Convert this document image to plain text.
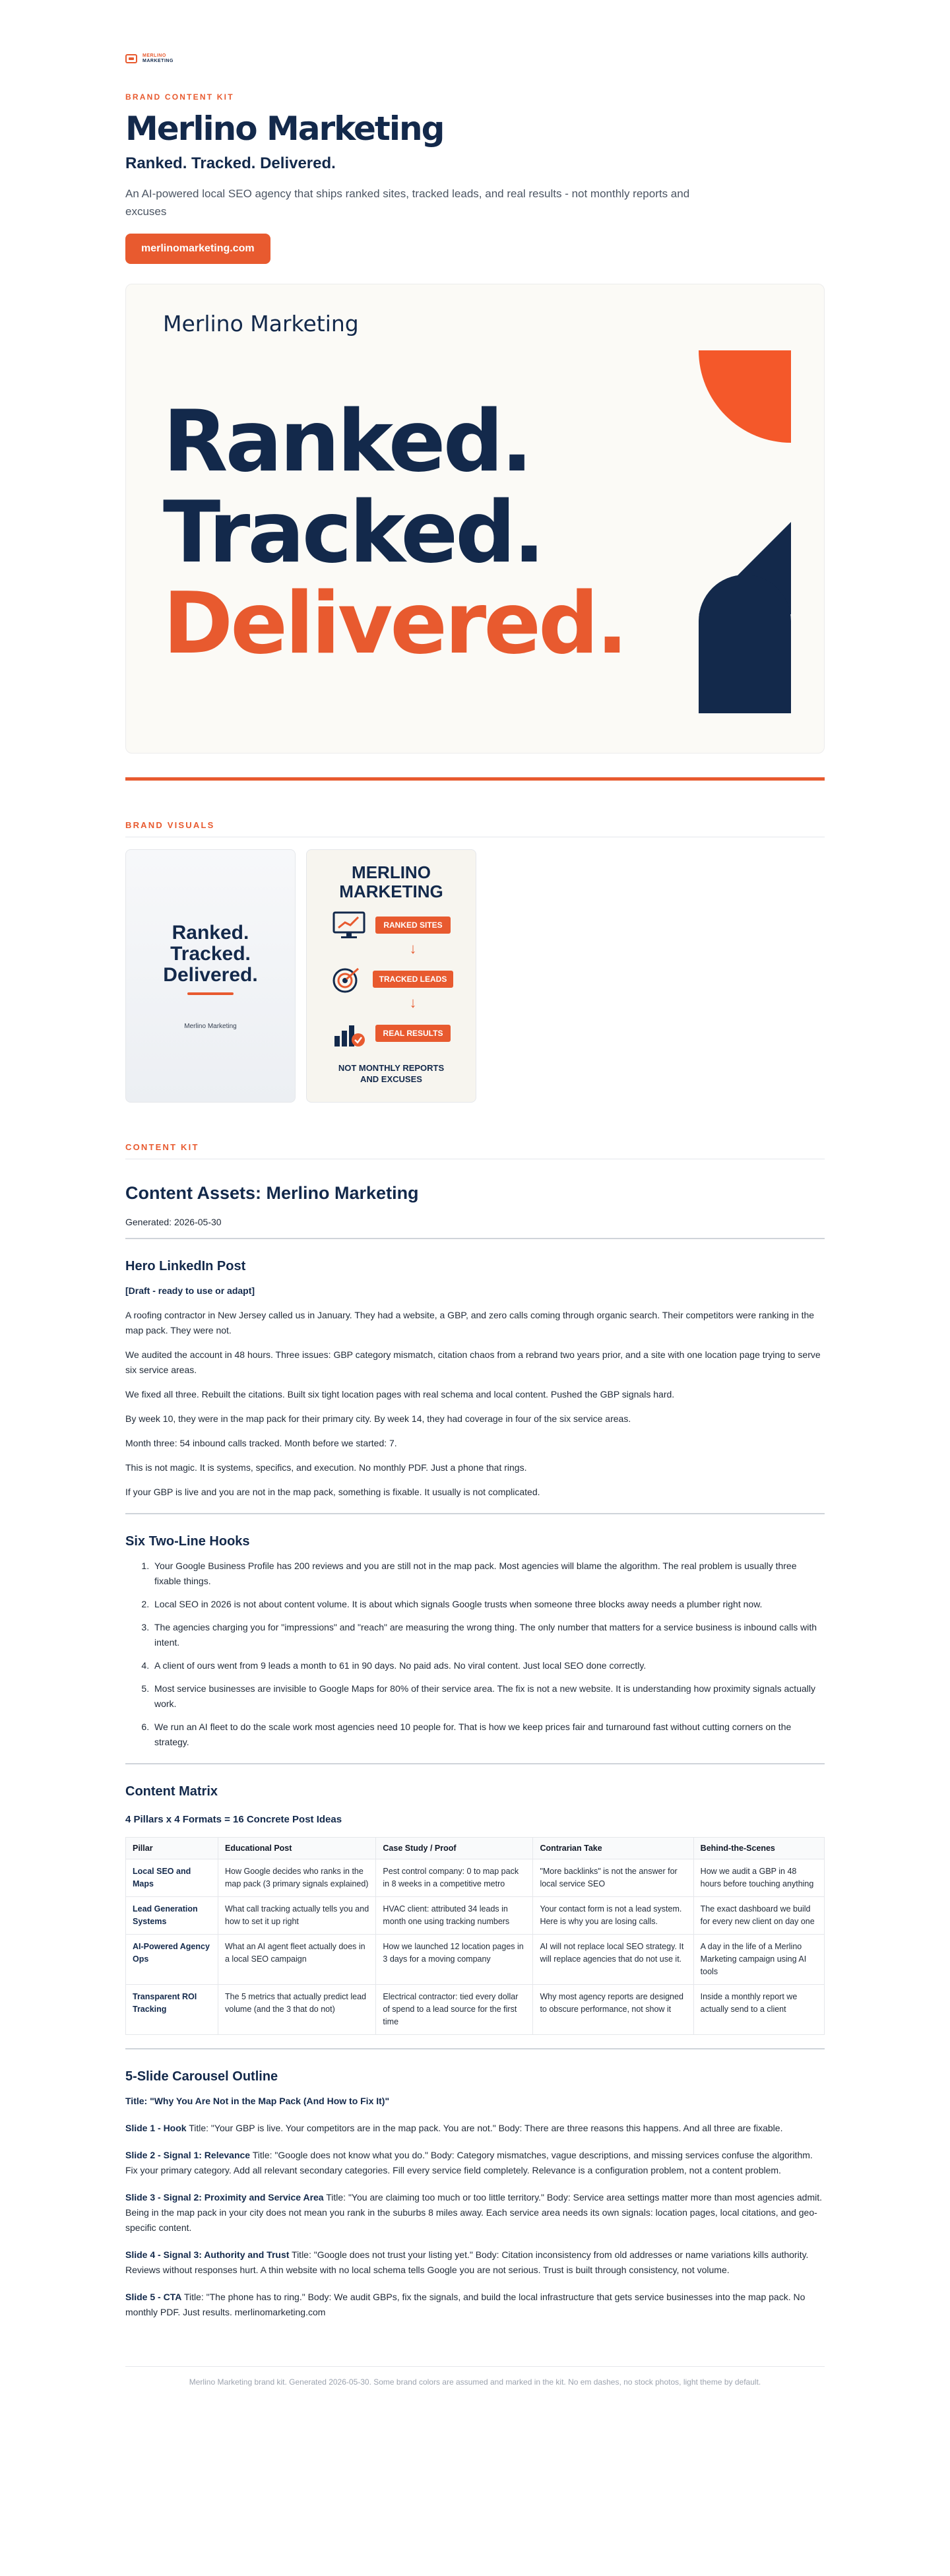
MERLINO
MARKETING
BRAND CONTENT KIT
Merlino Marketing
Ranked. Tracked. Delivered.

An AI-powered local SEO agency that ships ranked sites, tracked leads, and real results - not monthly reports and excuses

merlinomarketing.com
Merlino Marketing
Ranked.
Tracked.
Delivered.
BRAND VISUALS
Ranked.
Tracked.
Delivered.
Merlino Marketing
MERLINO
MARKETING
RANKED SITES
↓
TRACKED LEADS
↓
REAL RESULTS
NOT MONTHLY REPORTS
AND EXCUSES
CONTENT KIT
Content Assets: Merlino Marketing
Generated: 2026-05-30
Hero LinkedIn Post

[Draft - ready to use or adapt]

A roofing contractor in New Jersey called us in January. They had a website, a GBP, and zero calls coming through organic search. Their competitors were ranking in the map pack. They were not.

We audited the account in 48 hours. Three issues: GBP category mismatch, citation chaos from a rebrand two years prior, and a site with one location page trying to serve six service areas.

We fixed all three. Rebuilt the citations. Built six tight location pages with real schema and local content. Pushed the GBP signals hard.

By week 10, they were in the map pack for their primary city. By week 14, they had coverage in four of the six service areas.

Month three: 54 inbound calls tracked. Month before we started: 7.

This is not magic. It is systems, specifics, and execution. No monthly PDF. Just a phone that rings.

If your GBP is live and you are not in the map pack, something is fixable. It usually is not complicated.

Six Two-Line Hooks
1. Your Google Business Profile has 200 reviews and you are still not in the map pack. Most agencies will blame the algorithm. The real problem is usually three fixable things.
2. Local SEO in 2026 is not about content volume. It is about which signals Google trusts when someone three blocks away needs a plumber right now.
3. The agencies charging you for "impressions" and "reach" are measuring the wrong thing. The only number that matters for a service business is inbound calls with intent.
4. A client of ours went from 9 leads a month to 61 in 90 days. No paid ads. No viral content. Just local SEO done correctly.
5. Most service businesses are invisible to Google Maps for 80% of their service area. The fix is not a new website. It is understanding how proximity signals actually work.
6. We run an AI fleet to do the scale work most agencies need 10 people for. That is how we keep prices fair and turnaround fast without cutting corners on the strategy.
Content Matrix
4 Pillars x 4 Formats = 16 Concrete Post Ideas
Pillar	Educational Post	Case Study / Proof	Contrarian Take	Behind-the-Scenes
Local SEO and Maps	How Google decides who ranks in the map pack (3 primary signals explained)	Pest control company: 0 to map pack in 8 weeks in a competitive metro	"More backlinks" is not the answer for local service SEO	How we audit a GBP in 48 hours before touching anything
Lead Generation Systems	What call tracking actually tells you and how to set it up right	HVAC client: attributed 34 leads in month one using tracking numbers	Your contact form is not a lead system. Here is why you are losing calls.	The exact dashboard we build for every new client on day one
AI-Powered Agency Ops	What an AI agent fleet actually does in a local SEO campaign	How we launched 12 location pages in 3 days for a moving company	AI will not replace local SEO strategy. It will replace agencies that do not use it.	A day in the life of a Merlino Marketing campaign using AI tools
Transparent ROI Tracking	The 5 metrics that actually predict lead volume (and the 3 that do not)	Electrical contractor: tied every dollar of spend to a lead source for the first time	Why most agency reports are designed to obscure performance, not show it	Inside a monthly report we actually send to a client
5-Slide Carousel Outline

Title: "Why You Are Not in the Map Pack (And How to Fix It)"

Slide 1 - Hook Title: "Your GBP is live. Your competitors are in the map pack. You are not." Body: There are three reasons this happens. And all three are fixable.

Slide 2 - Signal 1: Relevance Title: "Google does not know what you do." Body: Category mismatches, vague descriptions, and missing services confuse the algorithm. Fix your primary category. Add all relevant secondary categories. Fill every service field completely. Relevance is a configuration problem, not a content problem.

Slide 3 - Signal 2: Proximity and Service Area Title: "You are claiming too much or too little territory." Body: Service area settings matter more than most agencies admit. Being in the map pack in your city does not mean you rank in the suburbs 8 miles away. Each service area needs its own signals: location pages, local citations, and geo-specific content.

Slide 4 - Signal 3: Authority and Trust Title: "Google does not trust your listing yet." Body: Citation inconsistency from old addresses or name variations kills authority. Reviews without responses hurt. A thin website with no local schema tells Google you are not serious. Trust is built through consistency, not volume.

Slide 5 - CTA Title: "The phone has to ring." Body: We audit GBPs, fix the signals, and build the local infrastructure that gets service businesses into the map pack. No monthly PDF. Just results. merlinomarketing.com

Merlino Marketing brand kit. Generated 2026-05-30. Some brand colors are assumed and marked in the kit. No em dashes, no stock photos, light theme by default.
